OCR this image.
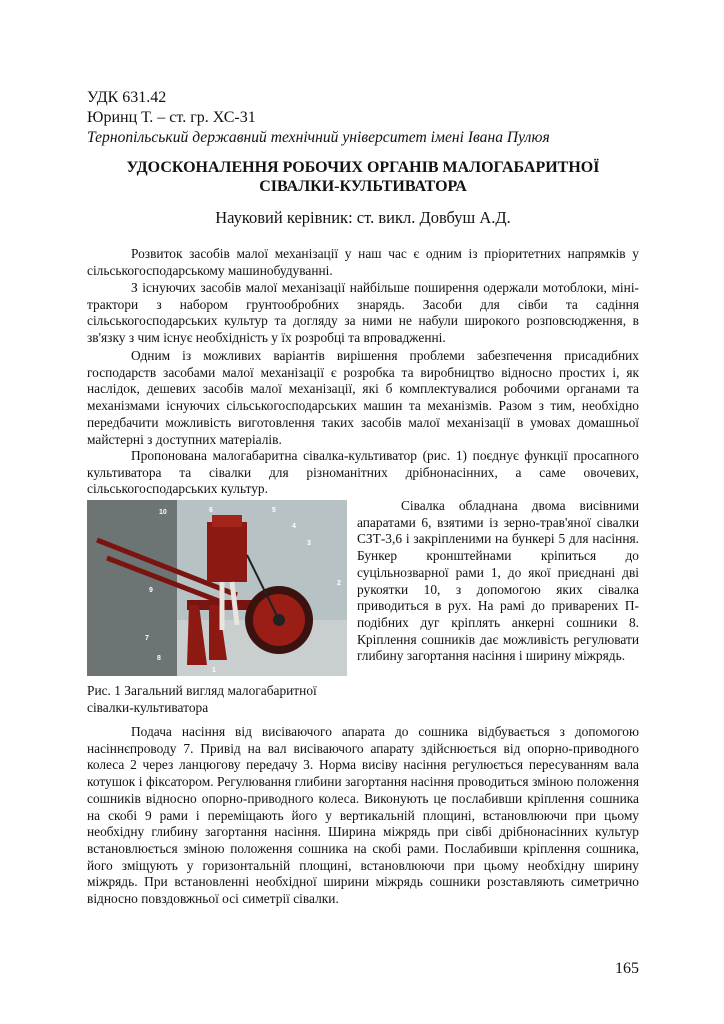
УДК 631.42
Юринц Т. – ст. гр. ХС-31
Тернопільський державний технічний університет імені Івана Пулюя
УДОСКОНАЛЕННЯ РОБОЧИХ ОРГАНІВ МАЛОГАБАРИТНОЇ
СІВАЛКИ-КУЛЬТИВАТОРА
Науковий керівник: ст. викл. Довбуш А.Д.

Розвиток засобів малої механізації у наш час є одним із пріоритетних напрямків у сільськогосподарському машинобудуванні.

З існуючих засобів малої механізації найбільше поширення одержали мотоблоки, міні-трактори з набором грунтообробних знарядь. Засоби для сівби та садіння сільськогосподарських культур та догляду за ними не набули широкого розповсюдження, в зв'язку з чим існує необхідність у їх розробці та впровадженні.

Одним із можливих варіантів вирішення проблеми забезпечення присадибних господарств засобами малої механізації є розробка та виробництво відносно простих і, як наслідок, дешевих засобів малої механізації, які б комплектувалися робочими органами та механізмами існуючих сільськогосподарських машин та механізмів. Разом з тим, необхідно передбачити можливість виготовлення таких засобів малої механізації в умовах домашньої майстерні з доступних матеріалів.

Пропонована малогабаритна сівалка-культиватор (рис. 1) поєднує функції просапного культиватора та сівалки для різноманітних дрібнонасінних, а саме овочевих, сільськогосподарських культур.

10	6	5
4
3
2
9
7
8
1

Сівалка обладнана двома висівними апаратами 6, взятими із зерно-трав'яної сівалки СЗТ-3,6 і закріпленими на бункері 5 для насіння. Бункер кронштейнами кріпиться до суцільнозварної рами 1, до якої приєднані дві рукоятки 10, з допомогою яких сівалка приводиться в рух. На рамі до приварених П-подібних дуг кріплять анкерні сошники 8. Кріплення сошників дає можливість регулювати глибину загортання насіння і ширину міжрядь.

Рис. 1 Загальний вигляд малогабаритної сівалки-культиватора

Подача насіння від висіваючого апарата до сошника відбувається з допомогою насіннєпроводу 7. Привід на вал висіваючого апарату здійснюється від опорно-приводного колеса 2 через ланцюгову передачу 3. Норма висіву насіння регулюється пересуванням вала котушок і фіксатором. Регулювання глибини загортання насіння проводиться зміною положення сошників відносно опорно-приводного колеса. Виконують це послабивши кріплення сошника на скобі 9 рами і переміщають його у вертикальній площині, встановлюючи при цьому необхідну глибину загортання насіння. Ширина міжрядь при сівбі дрібнонасінних культур встановлюється зміною положення сошника на скобі рами. Послабивши кріплення сошника, його зміщують у горизонтальній площині, встановлюючи при цьому необхідну ширину міжрядь. При встановленні необхідної ширини міжрядь сошники розставляють симетрично відносно повздовжньої осі симетрії сівалки.

165
